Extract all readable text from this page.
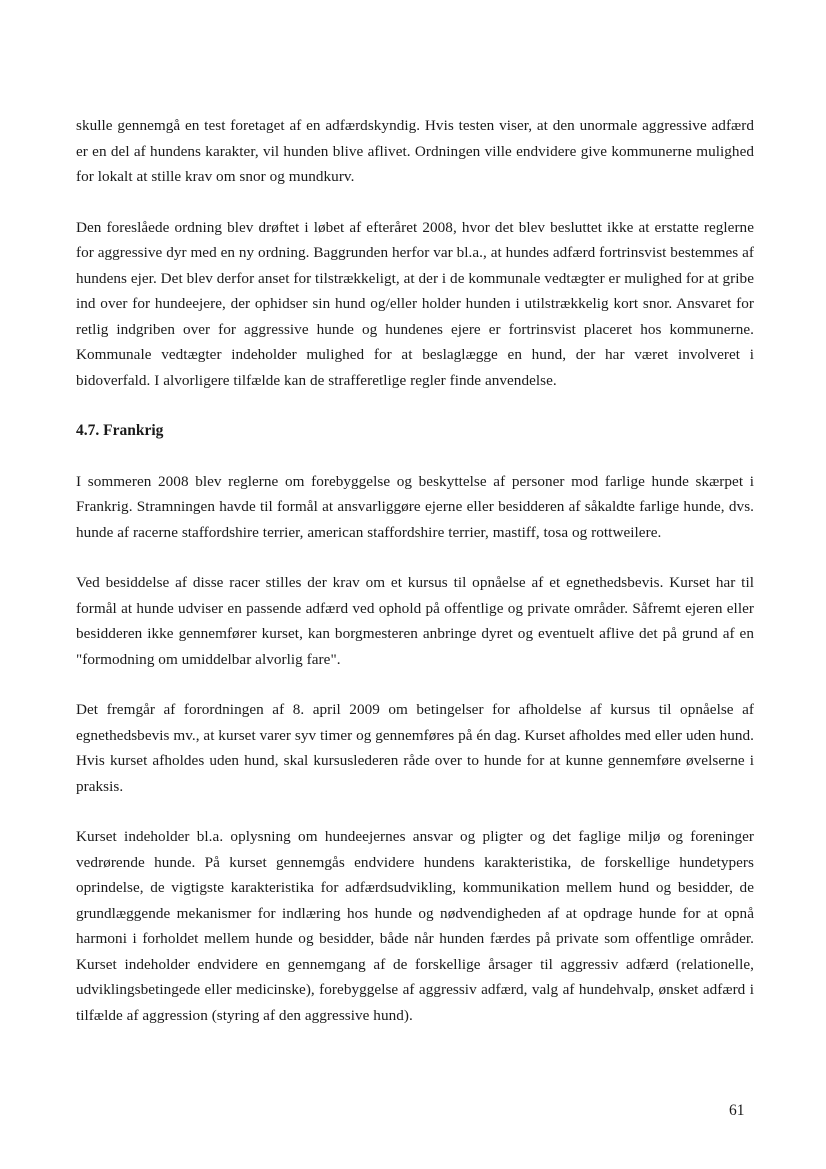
skulle gennemgå en test foretaget af en adfærdskyndig. Hvis testen viser, at den unormale aggressive adfærd er en del af hundens karakter, vil hunden blive aflivet. Ordningen ville endvidere give kommunerne mulighed for lokalt at stille krav om snor og mundkurv.

Den foreslåede ordning blev drøftet i løbet af efteråret 2008, hvor det blev besluttet ikke at erstatte reglerne for aggressive dyr med en ny ordning. Baggrunden herfor var bl.a., at hundes adfærd fortrinsvist bestemmes af hundens ejer. Det blev derfor anset for tilstrækkeligt, at der i de kommunale vedtægter er mulighed for at gribe ind over for hundeejere, der ophidser sin hund og/eller holder hunden i utilstrækkelig kort snor. Ansvaret for retlig indgriben over for aggressive hunde og hundenes ejere er fortrinsvist placeret hos kommunerne. Kommunale vedtægter indeholder mulighed for at beslaglægge en hund, der har været involveret i bidoverfald. I alvorligere tilfælde kan de strafferetlige regler finde anvendelse.

4.7. Frankrig

I sommeren 2008 blev reglerne om forebyggelse og beskyttelse af personer mod farlige hunde skærpet i Frankrig. Stramningen havde til formål at ansvarliggøre ejerne eller besidderen af såkaldte farlige hunde, dvs. hunde af racerne staffordshire terrier, american staffordshire terrier, mastiff, tosa og rottweilere.

Ved besiddelse af disse racer stilles der krav om et kursus til opnåelse af et egnethedsbevis. Kurset har til formål at hunde udviser en passende adfærd ved ophold på offentlige og private områder. Såfremt ejeren eller besidderen ikke gennemfører kurset, kan borgmesteren anbringe dyret og eventuelt aflive det på grund af en "formodning om umiddelbar alvorlig fare".

Det fremgår af forordningen af 8. april 2009 om betingelser for afholdelse af kursus til opnåelse af egnethedsbevis mv., at kurset varer syv timer og gennemføres på én dag. Kurset afholdes med eller uden hund. Hvis kurset afholdes uden hund, skal kursuslederen råde over to hunde for at kunne gennemføre øvelserne i praksis.

Kurset indeholder bl.a. oplysning om hundeejernes ansvar og pligter og det faglige miljø og foreninger vedrørende hunde. På kurset gennemgås endvidere hundens karakteristika, de forskellige hundetypers oprindelse, de vigtigste karakteristika for adfærdsudvikling, kommunikation mellem hund og besidder, de grundlæggende mekanismer for indlæring hos hunde og nødvendigheden af at opdrage hunde for at opnå harmoni i forholdet mellem hunde og besidder, både når hunden færdes på private som offentlige områder. Kurset indeholder endvidere en gennemgang af de forskellige årsager til aggressiv adfærd (relationelle, udviklingsbetingede eller medicinske), forebyggelse af aggressiv adfærd, valg af hundehvalp, ønsket adfærd i tilfælde af aggression (styring af den aggressive hund).

61
